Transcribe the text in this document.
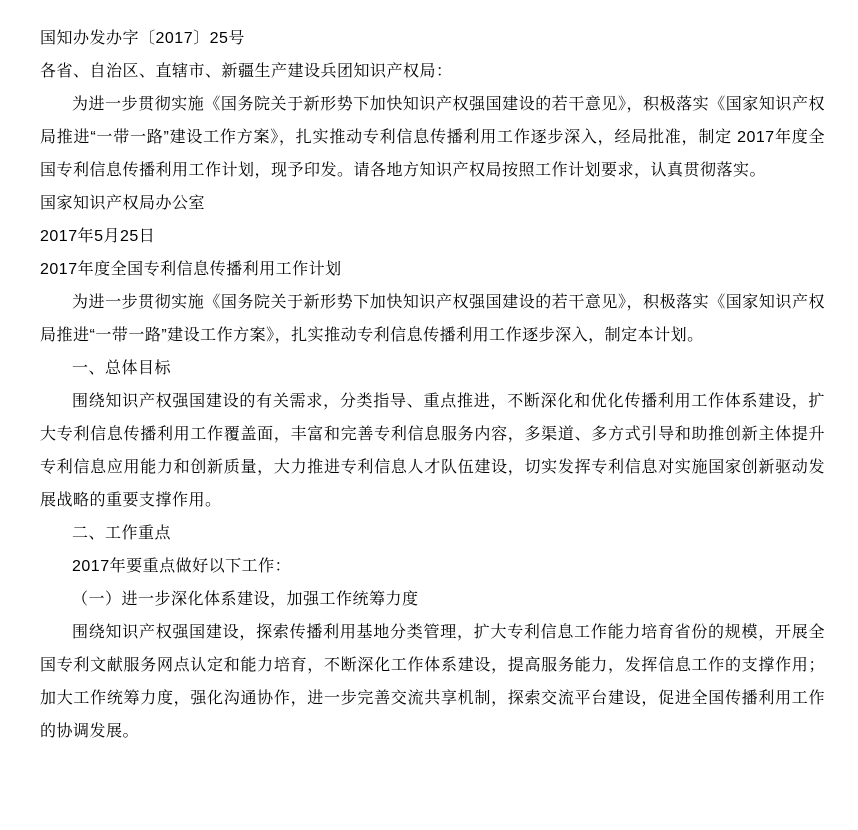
国知办发办字〔2017〕25号

各省、自治区、直辖市、新疆生产建设兵团知识产权局：

为进一步贯彻实施《国务院关于新形势下加快知识产权强国建设的若干意见》，积极落实《国家知识产权局推进“一带一路”建设工作方案》，扎实推动专利信息传播利用工作逐步深入，经局批准，制定 2017年度全国专利信息传播利用工作计划，现予印发。请各地方知识产权局按照工作计划要求，认真贯彻落实。

国家知识产权局办公室

2017年5月25日

2017年度全国专利信息传播利用工作计划

为进一步贯彻实施《国务院关于新形势下加快知识产权强国建设的若干意见》，积极落实《国家知识产权局推进“一带一路”建设工作方案》，扎实推动专利信息传播利用工作逐步深入，制定本计划。

一、总体目标

围绕知识产权强国建设的有关需求，分类指导、重点推进，不断深化和优化传播利用工作体系建设，扩大专利信息传播利用工作覆盖面，丰富和完善专利信息服务内容，多渠道、多方式引导和助推创新主体提升专利信息应用能力和创新质量，大力推进专利信息人才队伍建设，切实发挥专利信息对实施国家创新驱动发展战略的重要支撑作用。

二、工作重点

2017年要重点做好以下工作：

（一）进一步深化体系建设，加强工作统筹力度

围绕知识产权强国建设，探索传播利用基地分类管理，扩大专利信息工作能力培育省份的规模，开展全国专利文献服务网点认定和能力培育，不断深化工作体系建设，提高服务能力，发挥信息工作的支撑作用；加大工作统筹力度，强化沟通协作，进一步完善交流共享机制，探索交流平台建设，促进全国传播利用工作的协调发展。
